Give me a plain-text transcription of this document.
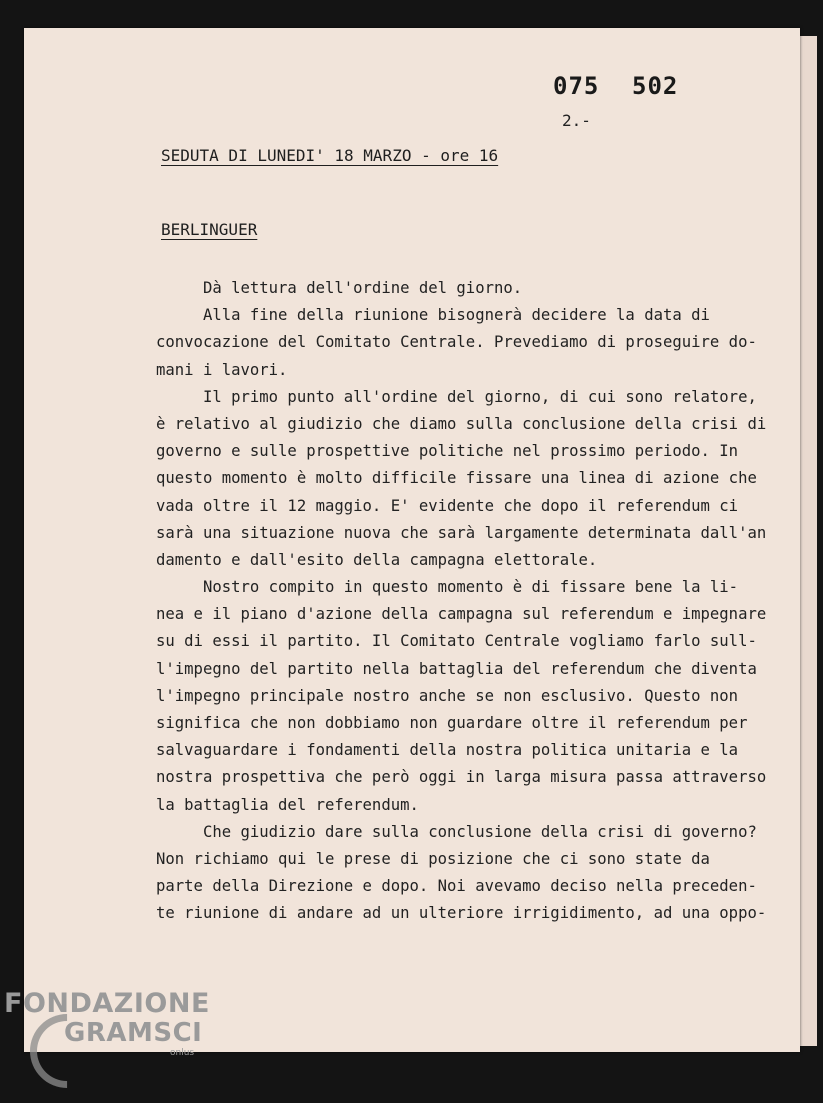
075 502

2.-

SEDUTA DI LUNEDI' 18 MARZO - ore 16

BERLINGUER

Dà lettura dell'ordine del giorno.
Alla fine della riunione bisognerà decidere la data di
convocazione del Comitato Centrale. Prevediamo di proseguire do-
mani i lavori.
Il primo punto all'ordine del giorno, di cui sono relatore,
è relativo al giudizio che diamo sulla conclusione della crisi di
governo e sulle prospettive politiche nel prossimo periodo. In
questo momento è molto difficile fissare una linea di azione che
vada oltre il 12 maggio. E' evidente che dopo il referendum ci
sarà una situazione nuova che sarà largamente determinata dall'an
damento e dall'esito della campagna elettorale.
Nostro compito in questo momento è di fissare bene la li-
nea e il piano d'azione della campagna sul referendum e impegnare
su di essi il partito. Il Comitato Centrale vogliamo farlo sull-
l'impegno del partito nella battaglia del referendum che diventa
l'impegno principale nostro anche se non esclusivo. Questo non
significa che non dobbiamo non guardare oltre il referendum per
salvaguardare i fondamenti della nostra politica unitaria e la
nostra prospettiva che però oggi in larga misura passa attraverso
la battaglia del referendum.
Che giudizio dare sulla conclusione della crisi di governo?
Non richiamo qui le prese di posizione che ci sono state da
parte della Direzione e dopo. Noi avevamo deciso nella preceden-
te riunione di andare ad un ulteriore irrigidimento, ad una oppo-

FONDAZIONE
GRAMSCI
onlus
